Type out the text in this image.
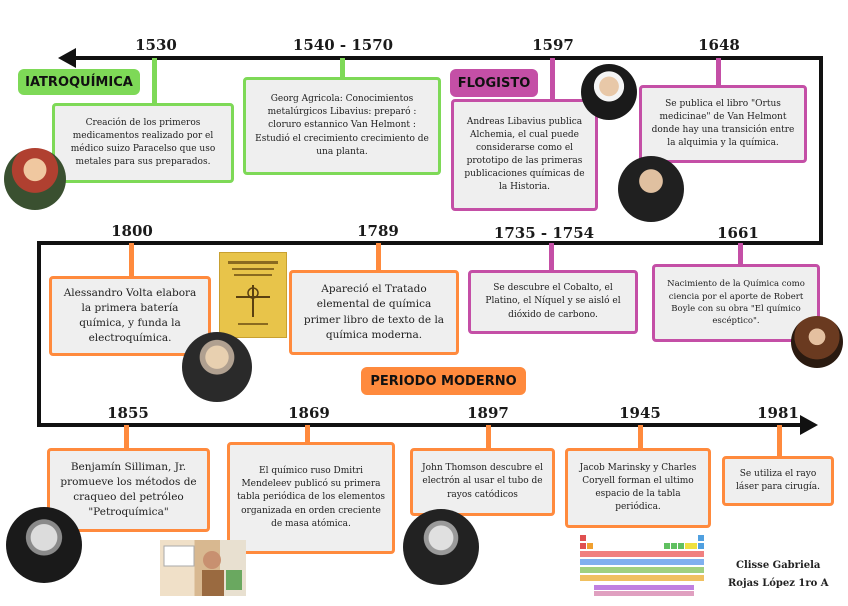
1530	1540 - 1570	1597	1648
IATROQUÍMICA	FLOGISTO
PERIODO MODERNO
Creación de los primeros medicamentos realizado por el médico suizo Paracelso que uso metales para sus preparados.
Georg Agricola: Conocimientos metalúrgicos Libavius: preparó : cloruro estannico Van Helmont : Estudió el crecimiento crecimiento de una planta.
Andreas Libavius publica Alchemia, el cual puede considerarse como el prototipo de las primeras publicaciones químicas de la Historia.
Se publica el libro "Ortus medicinae" de Van Helmont donde hay una transición entre la alquimia y la química.
1800	1789	1735 - 1754	1661
Alessandro Volta elabora la primera batería química, y funda la electroquímica.
Apareció el Tratado elemental de química primer libro de texto de la química moderna.
Se descubre el Cobalto, el Platino, el Níquel y se aisló el dióxido de carbono.
Nacimiento de la Química como ciencia por el aporte de Robert Boyle con su obra "El químico escéptico".
1855	1869	1897	1945	1981
Benjamín Silliman, Jr. promueve los métodos de craqueo del petróleo "Petroquímica"
El químico ruso Dmitri Mendeleev publicó su primera tabla periódica de los elementos organizada en orden creciente de masa atómica.
John Thomson descubre el electrón al usar el tubo de rayos catódicos
Jacob Marinsky y Charles Coryell forman el ultimo espacio de la tabla periódica.
Se utiliza el rayo láser para cirugía.
Clisse Gabriela
Rojas López 1ro A
